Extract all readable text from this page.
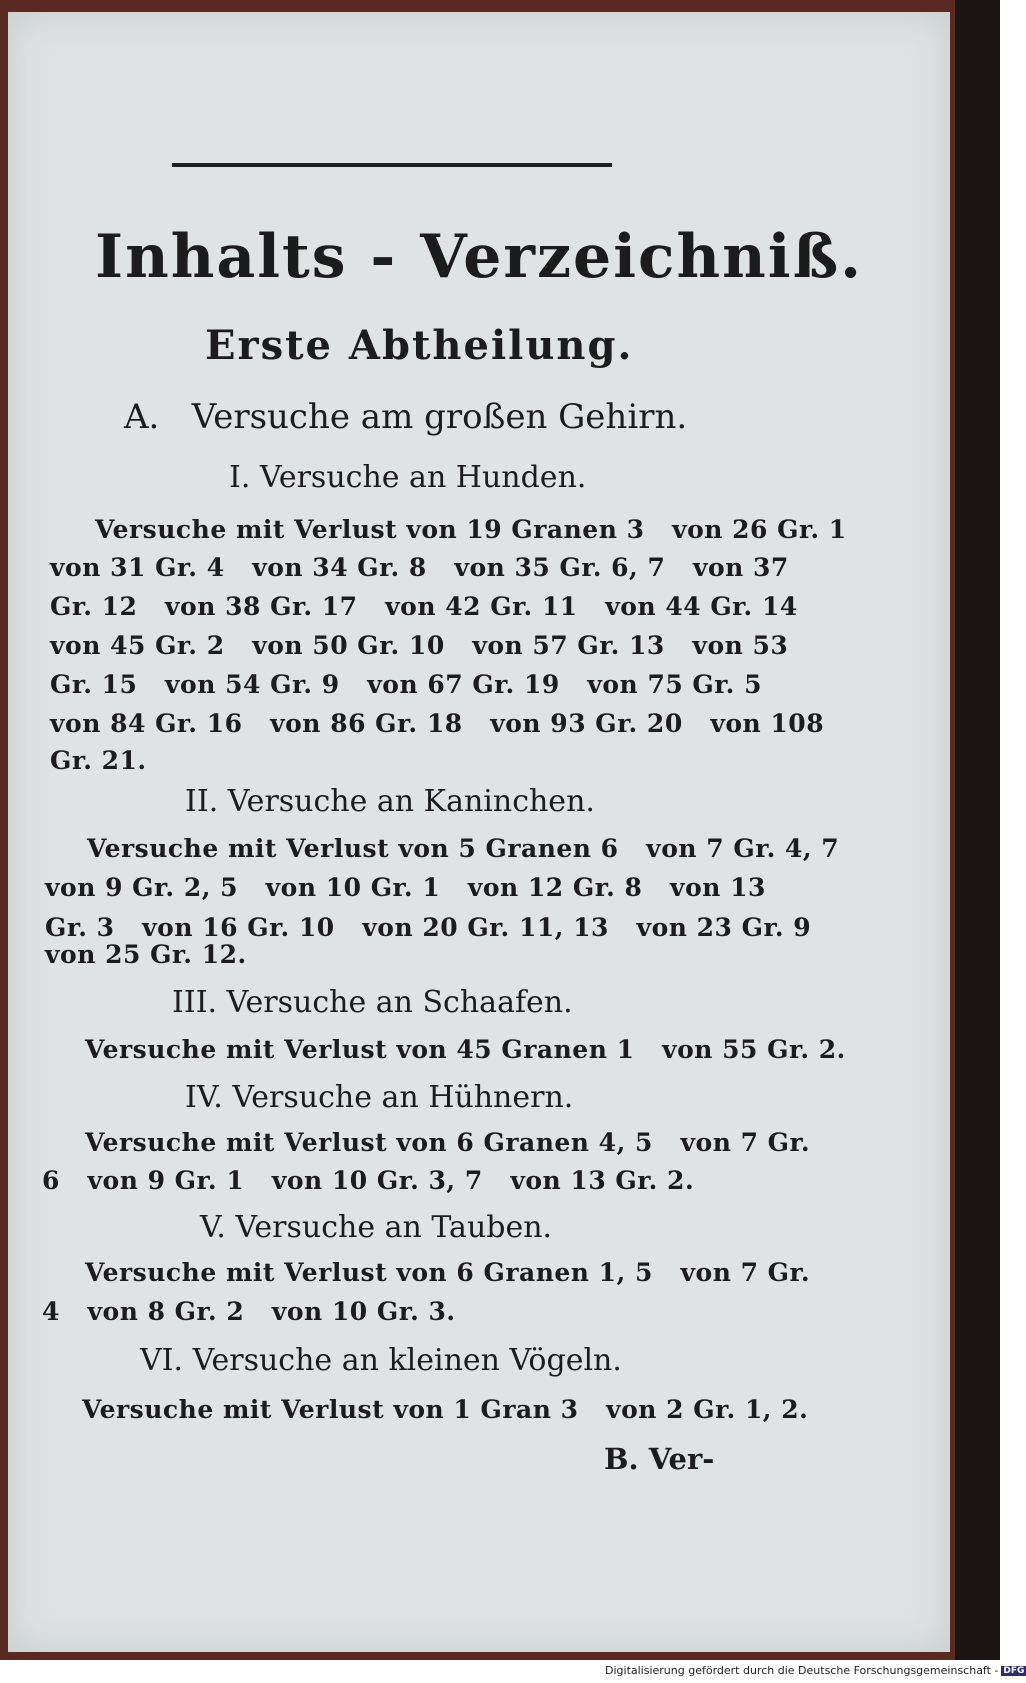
Inhalts - Verzeichniß.
Erste Abtheilung.
A.   Versuche am großen Gehirn.
I. Versuche an Hunden.
Versuche mit Verlust von 19 Granen 3   von 26 Gr. 1
von 31 Gr. 4   von 34 Gr. 8   von 35 Gr. 6, 7   von 37
Gr. 12   von 38 Gr. 17   von 42 Gr. 11   von 44 Gr. 14
von 45 Gr. 2   von 50 Gr. 10   von 57 Gr. 13   von 53
Gr. 15   von 54 Gr. 9   von 67 Gr. 19   von 75 Gr. 5
von 84 Gr. 16   von 86 Gr. 18   von 93 Gr. 20   von 108
Gr. 21.
II. Versuche an Kaninchen.
Versuche mit Verlust von 5 Granen 6   von 7 Gr. 4, 7
von 9 Gr. 2, 5   von 10 Gr. 1   von 12 Gr. 8   von 13
Gr. 3   von 16 Gr. 10   von 20 Gr. 11, 13   von 23 Gr. 9
von 25 Gr. 12.
III. Versuche an Schaafen.
Versuche mit Verlust von 45 Granen 1   von 55 Gr. 2.
IV. Versuche an Hühnern.
Versuche mit Verlust von 6 Granen 4, 5   von 7 Gr.
6   von 9 Gr. 1   von 10 Gr. 3, 7   von 13 Gr. 2.
V. Versuche an Tauben.
Versuche mit Verlust von 6 Granen 1, 5   von 7 Gr.
4   von 8 Gr. 2   von 10 Gr. 3.
VI. Versuche an kleinen Vögeln.
Versuche mit Verlust von 1 Gran 3   von 2 Gr. 1, 2.
B. Ver-
Digitalisierung gefördert durch die Deutsche Forschungsgemeinschaft - DFG
